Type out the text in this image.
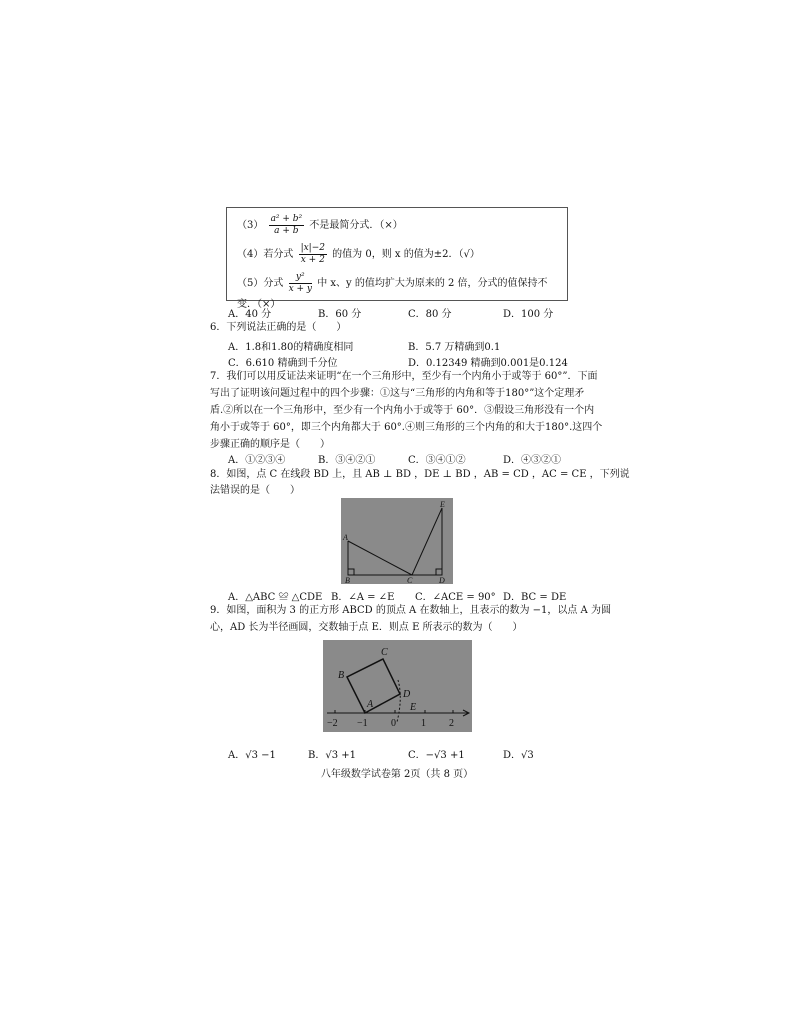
$(3) \frac{\text{a² + b²}}{a + b}$ 不是最简分式．（×）
（4）若分式 $\frac{|x|-2}{x + 2}$ 的值为 0，则 x 的值为±2．（√）
（5）分式 $\frac{\text{y²}}{x + y}$ 中 x、y 的值均扩大为原来的 2 倍，分式的值保持不变．（×）
A．40 分	B．60 分	C．80 分	D．100 分
6．下列说法正确的是（　　）
A．1.8和1.80的精确度相同	B．5.7 万精确到0.1
C．6.610 精确到千分位	D．0.12349 精确到0.001是0.124
7．我们可以用反证法来证明“在一个三角形中，至少有一个内角小于或等于 60°”．下面
写出了证明该问题过程中的四个步骤：①这与“三角形的内角和等于180°”这个定理矛
盾.②所以在一个三角形中，至少有一个内角小于或等于 60°．③假设三角形没有一个内
角小于或等于 60°，即三个内角都大于 60°.④则三角形的三个内角的和大于180°.这四个
步骤正确的顺序是（　　）
A．①②③④	B．③④②①	C．③④①②	D．④③②①
8．如图，点 C 在线段 BD 上，且 AB ⊥ BD ，DE ⊥ BD ，AB = CD ，AC = CE ，下列说
法错误的是（　　）
A
B	C	D
E
A．△ABC ≌ △CDE B．∠A = ∠E C．∠ACE = 90° D．BC = DE
9．如图，面积为 3 的正方形 ABCD 的顶点 A 在数轴上，且表示的数为 −1，以点 A 为圆
心，AD 长为半径画圆，交数轴于点 E．则点 E 所表示的数为（　　）
A
B
C
D
E
−2 −1 0	1 2
A．√3 −1	B．√3 +1	C．−√3 +1	D．√3
八年级数学试卷第 2页（共 8 页）
